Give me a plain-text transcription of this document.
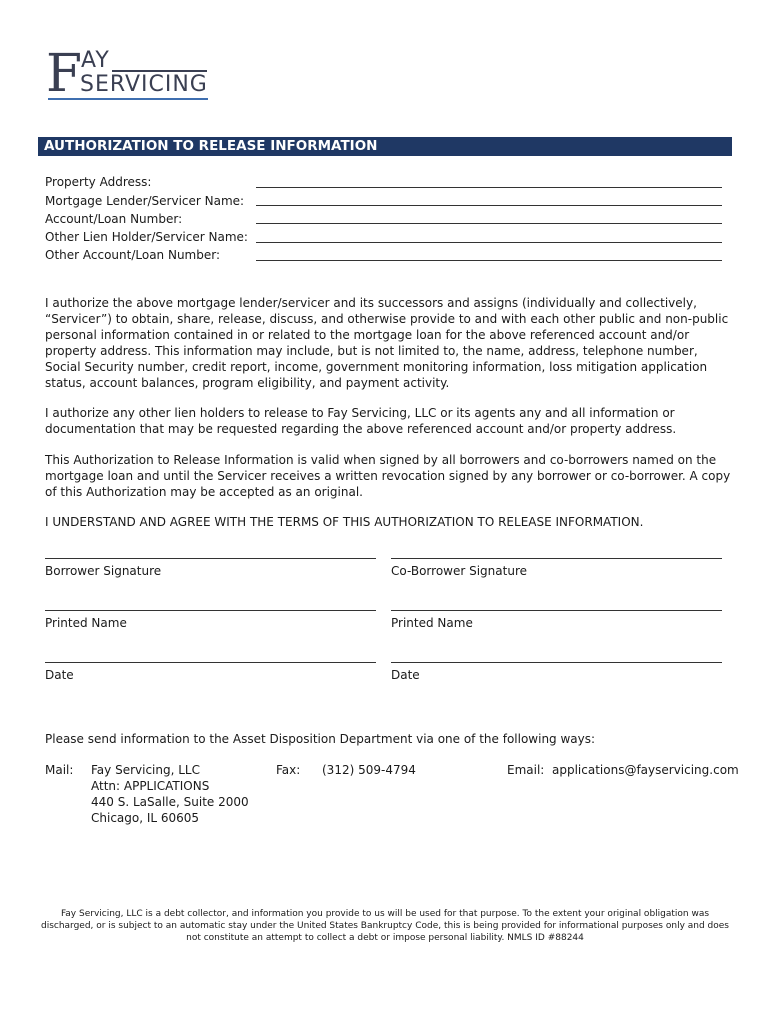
F AY
SERVICING
AUTHORIZATION TO RELEASE INFORMATION
Property Address:
Mortgage Lender/Servicer Name:
Account/Loan Number:
Other Lien Holder/Servicer Name:
Other Account/Loan Number:
I authorize the above mortgage lender/servicer and its successors and assigns (individually and collectively, “Servicer”) to obtain, share, release, discuss, and otherwise provide to and with each other public and non-public personal information contained in or related to the mortgage loan for the above referenced account and/or property address. This information may include, but is not limited to, the name, address, telephone number, Social Security number, credit report, income, government monitoring information, loss mitigation application status, account balances, program eligibility, and payment activity.
I authorize any other lien holders to release to Fay Servicing, LLC or its agents any and all information or documentation that may be requested regarding the above referenced account and/or property address.
This Authorization to Release Information is valid when signed by all borrowers and co-borrowers named on the mortgage loan and until the Servicer receives a written revocation signed by any borrower or co-borrower. A copy of this Authorization may be accepted as an original.
I UNDERSTAND AND AGREE WITH THE TERMS OF THIS AUTHORIZATION TO RELEASE INFORMATION.
Borrower Signature	Co-Borrower Signature
Printed Name	Printed Name
Date	Date
Please send information to the Asset Disposition Department via one of the following ways:
Mail: Fay Servicing, LLC
Attn: APPLICATIONS
440 S. LaSalle, Suite 2000
Chicago, IL 60605
Fax: (312) 509-4794	Email: applications@fayservicing.com
Fay Servicing, LLC is a debt collector, and information you provide to us will be used for that purpose. To the extent your original obligation was discharged, or is subject to an automatic stay under the United States Bankruptcy Code, this is being provided for informational purposes only and does not constitute an attempt to collect a debt or impose personal liability. NMLS ID #88244
